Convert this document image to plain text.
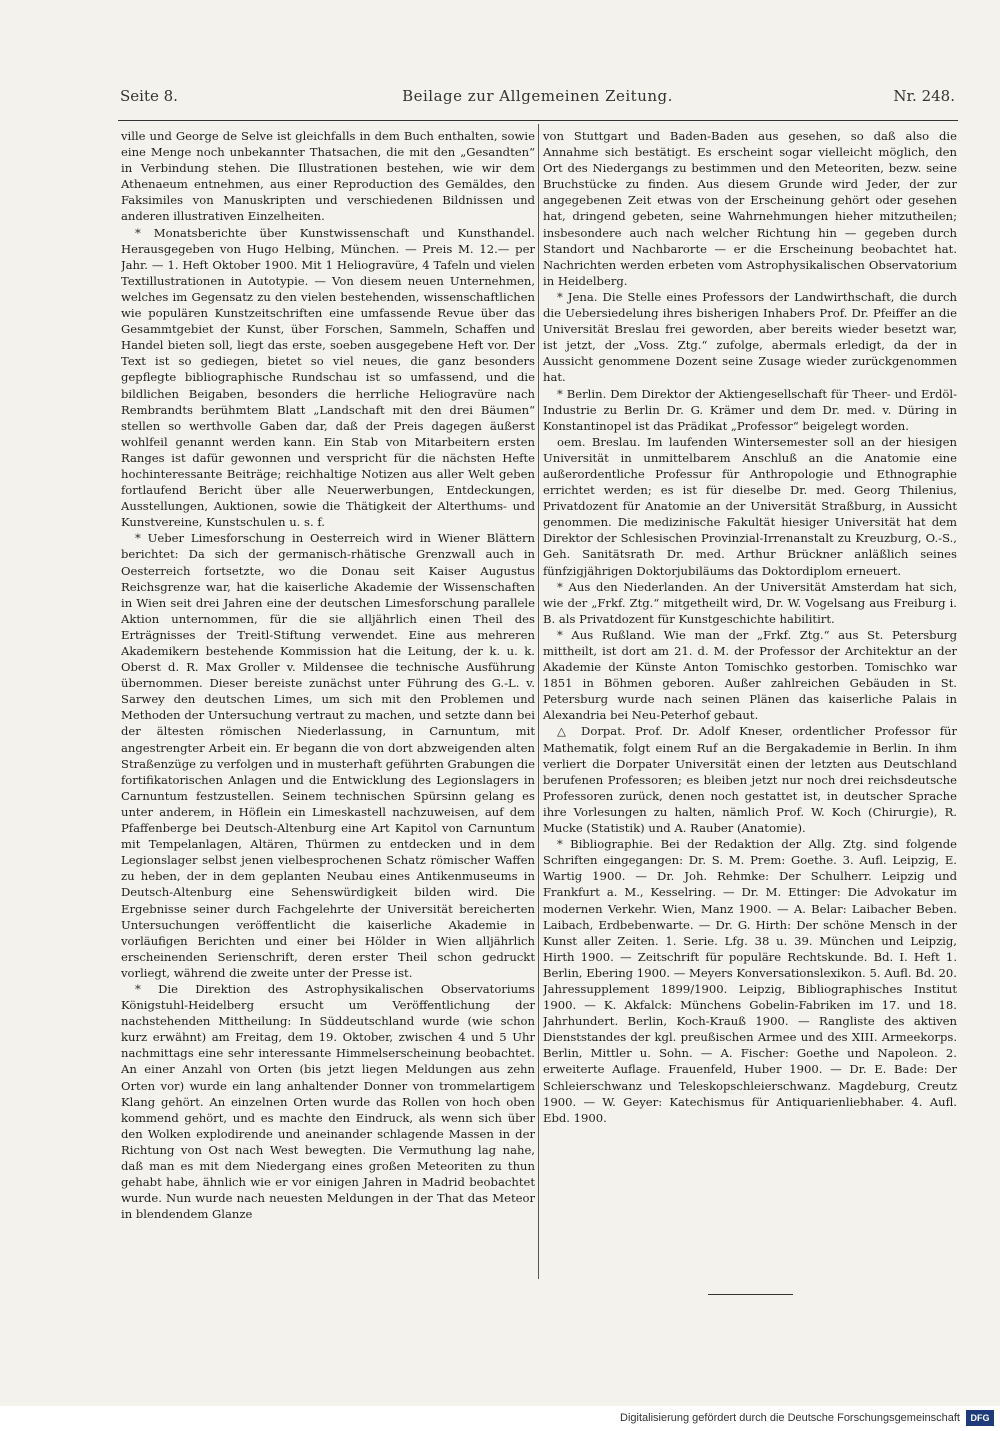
Seite 8.	Beilage zur Allgemeinen Zeitung.	Nr. 248.

ville und George de Selve ist gleichfalls in dem Buch enthalten, sowie eine Menge noch unbekannter Thatsachen, die mit den „Gesandten“ in Verbindung stehen. Die Illustrationen bestehen, wie wir dem Athenaeum entnehmen, aus einer Reproduction des Gemäldes, den Faksimiles von Manuskripten und verschiedenen Bildnissen und anderen illustrativen Einzelheiten.

* Monatsberichte über Kunstwissenschaft und Kunsthandel. Herausgegeben von Hugo Helbing, München. — Preis M. 12.— per Jahr. — 1. Heft Oktober 1900. Mit 1 Heliogravüre, 4 Tafeln und vielen Textillustrationen in Autotypie. — Von diesem neuen Unternehmen, welches im Gegensatz zu den vielen bestehenden, wissenschaftlichen wie populären Kunstzeitschriften eine umfassende Revue über das Gesammtgebiet der Kunst, über Forschen, Sammeln, Schaffen und Handel bieten soll, liegt das erste, soeben ausgegebene Heft vor. Der Text ist so gediegen, bietet so viel neues, die ganz besonders gepflegte bibliographische Rundschau ist so umfassend, und die bildlichen Beigaben, besonders die herrliche Heliogravüre nach Rembrandts berühmtem Blatt „Landschaft mit den drei Bäumen“ stellen so werthvolle Gaben dar, daß der Preis dagegen äußerst wohlfeil genannt werden kann. Ein Stab von Mitarbeitern ersten Ranges ist dafür gewonnen und verspricht für die nächsten Hefte hochinteressante Beiträge; reichhaltige Notizen aus aller Welt geben fortlaufend Bericht über alle Neuerwerbungen, Entdeckungen, Ausstellungen, Auktionen, sowie die Thätigkeit der Alterthums- und Kunstvereine, Kunstschulen u. s. f.

* Ueber Limesforschung in Oesterreich wird in Wiener Blättern berichtet: Da sich der germanisch-rhätische Grenzwall auch in Oesterreich fortsetzte, wo die Donau seit Kaiser Augustus Reichsgrenze war, hat die kaiserliche Akademie der Wissenschaften in Wien seit drei Jahren eine der deutschen Limesforschung parallele Aktion unternommen, für die sie alljährlich einen Theil des Erträgnisses der Treitl-Stiftung verwendet. Eine aus mehreren Akademikern bestehende Kommission hat die Leitung, der k. u. k. Oberst d. R. Max Groller v. Mildensee die technische Ausführung übernommen. Dieser bereiste zunächst unter Führung des G.-L. v. Sarwey den deutschen Limes, um sich mit den Problemen und Methoden der Untersuchung vertraut zu machen, und setzte dann bei der ältesten römischen Niederlassung, in Carnuntum, mit angestrengter Arbeit ein. Er begann die von dort abzweigenden alten Straßenzüge zu verfolgen und in musterhaft geführten Grabungen die fortifikatorischen Anlagen und die Entwicklung des Legionslagers in Carnuntum festzustellen. Seinem technischen Spürsinn gelang es unter anderem, in Höflein ein Limeskastell nachzuweisen, auf dem Pfaffenberge bei Deutsch-Altenburg eine Art Kapitol von Carnuntum mit Tempelanlagen, Altären, Thürmen zu entdecken und in dem Legionslager selbst jenen vielbesprochenen Schatz römischer Waffen zu heben, der in dem geplanten Neubau eines Antikenmuseums in Deutsch-Altenburg eine Sehenswürdigkeit bilden wird. Die Ergebnisse seiner durch Fachgelehrte der Universität bereicherten Untersuchungen veröffentlicht die kaiserliche Akademie in vorläufigen Berichten und einer bei Hölder in Wien alljährlich erscheinenden Serienschrift, deren erster Theil schon gedruckt vorliegt, während die zweite unter der Presse ist.

* Die Direktion des Astrophysikalischen Observatoriums Königstuhl-Heidelberg ersucht um Veröffentlichung der nachstehenden Mittheilung: In Süddeutschland wurde (wie schon kurz erwähnt) am Freitag, dem 19. Oktober, zwischen 4 und 5 Uhr nachmittags eine sehr interessante Himmelserscheinung beobachtet. An einer Anzahl von Orten (bis jetzt liegen Meldungen aus zehn Orten vor) wurde ein lang anhaltender Donner von trommelartigem Klang gehört. An einzelnen Orten wurde das Rollen von hoch oben kommend gehört, und es machte den Eindruck, als wenn sich über den Wolken explodirende und aneinander schlagende Massen in der Richtung von Ost nach West bewegten. Die Vermuthung lag nahe, daß man es mit dem Niedergang eines großen Meteoriten zu thun gehabt habe, ähnlich wie er vor einigen Jahren in Madrid beobachtet wurde. Nun wurde nach neuesten Meldungen in der That das Meteor in blendendem Glanze

von Stuttgart und Baden-Baden aus gesehen, so daß also die Annahme sich bestätigt. Es erscheint sogar vielleicht möglich, den Ort des Niedergangs zu bestimmen und den Meteoriten, bezw. seine Bruchstücke zu finden. Aus diesem Grunde wird Jeder, der zur angegebenen Zeit etwas von der Erscheinung gehört oder gesehen hat, dringend gebeten, seine Wahrnehmungen hieher mitzutheilen; insbesondere auch nach welcher Richtung hin — gegeben durch Standort und Nachbarorte — er die Erscheinung beobachtet hat. Nachrichten werden erbeten vom Astrophysikalischen Observatorium in Heidelberg.

* Jena. Die Stelle eines Professors der Landwirthschaft, die durch die Uebersiedelung ihres bisherigen Inhabers Prof. Dr. Pfeiffer an die Universität Breslau frei geworden, aber bereits wieder besetzt war, ist jetzt, der „Voss. Ztg.“ zufolge, abermals erledigt, da der in Aussicht genommene Dozent seine Zusage wieder zurückgenommen hat.

* Berlin. Dem Direktor der Aktiengesellschaft für Theer- und Erdöl-Industrie zu Berlin Dr. G. Krämer und dem Dr. med. v. Düring in Konstantinopel ist das Prädikat „Professor“ beigelegt worden.

oem. Breslau. Im laufenden Wintersemester soll an der hiesigen Universität in unmittelbarem Anschluß an die Anatomie eine außerordentliche Professur für Anthropologie und Ethnographie errichtet werden; es ist für dieselbe Dr. med. Georg Thilenius, Privatdozent für Anatomie an der Universität Straßburg, in Aussicht genommen. Die medizinische Fakultät hiesiger Universität hat dem Direktor der Schlesischen Provinzial-Irrenanstalt zu Kreuzburg, O.-S., Geh. Sanitätsrath Dr. med. Arthur Brückner anläßlich seines fünfzigjährigen Doktorjubiläums das Doktordiplom erneuert.

* Aus den Niederlanden. An der Universität Amsterdam hat sich, wie der „Frkf. Ztg.“ mitgetheilt wird, Dr. W. Vogelsang aus Freiburg i. B. als Privatdozent für Kunstgeschichte habilitirt.

* Aus Rußland. Wie man der „Frkf. Ztg.“ aus St. Petersburg mittheilt, ist dort am 21. d. M. der Professor der Architektur an der Akademie der Künste Anton Tomischko gestorben. Tomischko war 1851 in Böhmen geboren. Außer zahlreichen Gebäuden in St. Petersburg wurde nach seinen Plänen das kaiserliche Palais in Alexandria bei Neu-Peterhof gebaut.

△ Dorpat. Prof. Dr. Adolf Kneser, ordentlicher Professor für Mathematik, folgt einem Ruf an die Bergakademie in Berlin. In ihm verliert die Dorpater Universität einen der letzten aus Deutschland berufenen Professoren; es bleiben jetzt nur noch drei reichsdeutsche Professoren zurück, denen noch gestattet ist, in deutscher Sprache ihre Vorlesungen zu halten, nämlich Prof. W. Koch (Chirurgie), R. Mucke (Statistik) und A. Rauber (Anatomie).

* Bibliographie. Bei der Redaktion der Allg. Ztg. sind folgende Schriften eingegangen: Dr. S. M. Prem: Goethe. 3. Aufl. Leipzig, E. Wartig 1900. — Dr. Joh. Rehmke: Der Schulherr. Leipzig und Frankfurt a. M., Kesselring. — Dr. M. Ettinger: Die Advokatur im modernen Verkehr. Wien, Manz 1900. — A. Belar: Laibacher Beben. Laibach, Erdbebenwarte. — Dr. G. Hirth: Der schöne Mensch in der Kunst aller Zeiten. 1. Serie. Lfg. 38 u. 39. München und Leipzig, Hirth 1900. — Zeitschrift für populäre Rechtskunde. Bd. I. Heft 1. Berlin, Ebering 1900. — Meyers Konversationslexikon. 5. Aufl. Bd. 20. Jahressupplement 1899/1900. Leipzig, Bibliographisches Institut 1900. — K. Akfalck: Münchens Gobelin-Fabriken im 17. und 18. Jahrhundert. Berlin, Koch-Krauß 1900. — Rangliste des aktiven Dienststandes der kgl. preußischen Armee und des XIII. Armeekorps. Berlin, Mittler u. Sohn. — A. Fischer: Goethe und Napoleon. 2. erweiterte Auflage. Frauenfeld, Huber 1900. — Dr. E. Bade: Der Schleierschwanz und Teleskopschleierschwanz. Magdeburg, Creutz 1900. — W. Geyer: Katechismus für Antiquarienliebhaber. 4. Aufl. Ebd. 1900.

Digitalisierung gefördert durch die Deutsche Forschungsgemeinschaft	DFG
